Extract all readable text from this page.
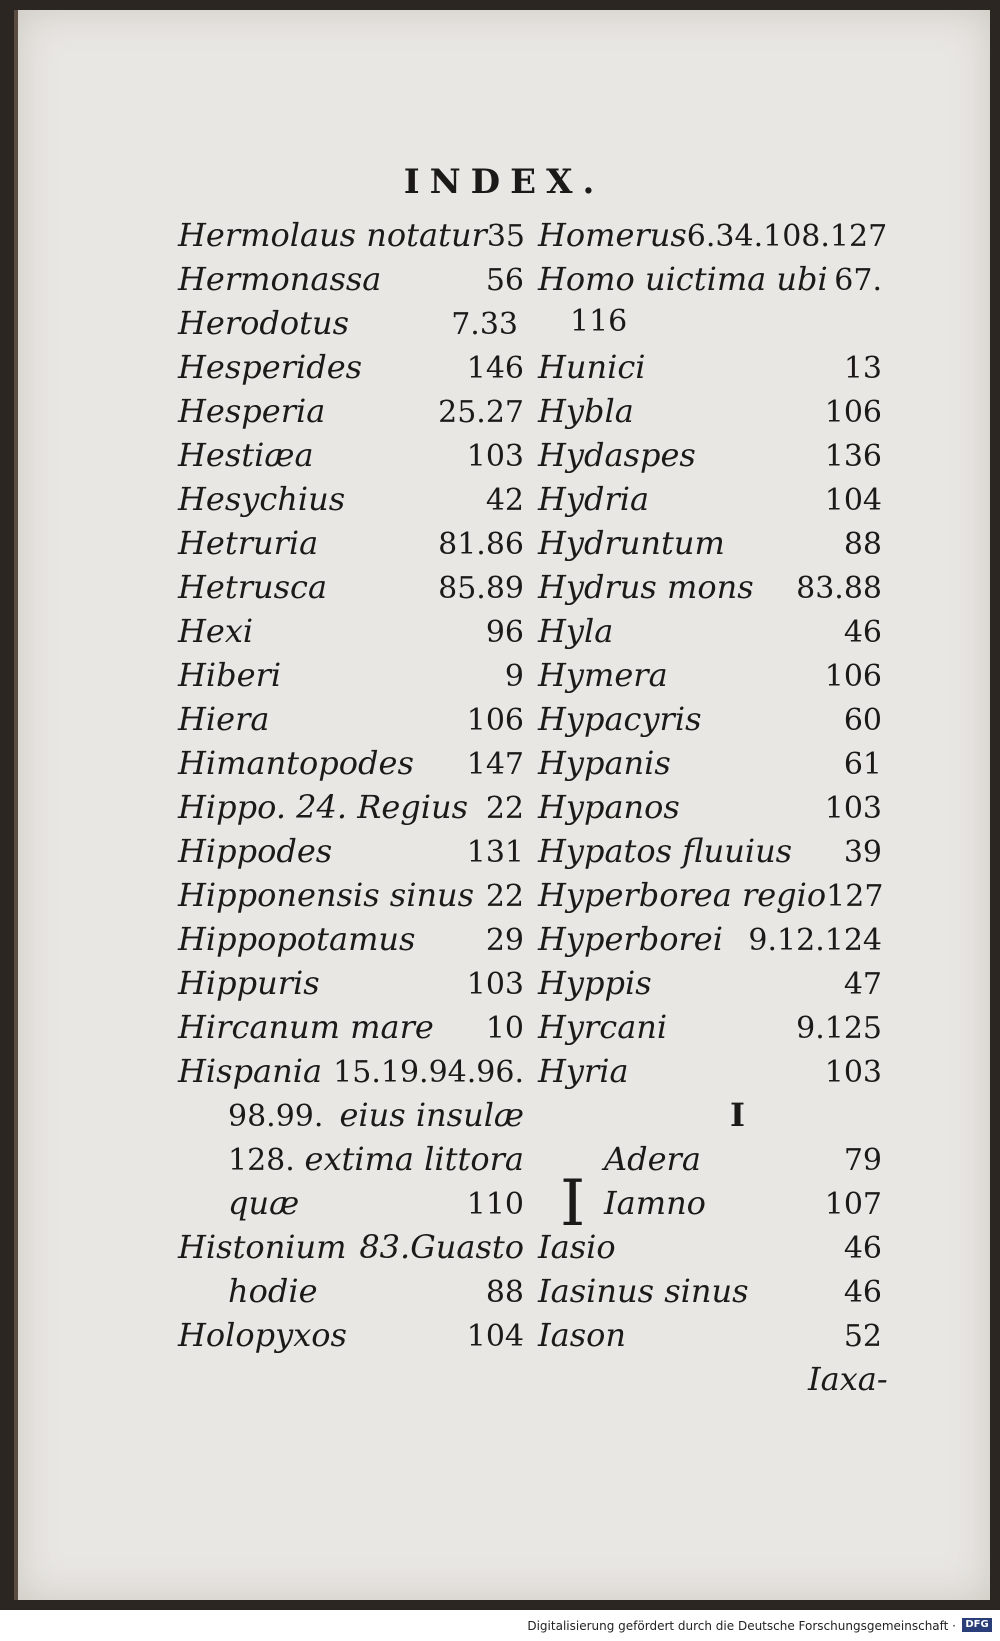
INDEX.
Hermolaus notatur 35
Hermonassa	56
Herodotus	7.33
Hesperides	146
Hesperia	25.27
Hestiæa	103
Hesychius	42
Hetruria	81.86
Hetrusca	85.89
Hexi	96
Hiberi	9
Hiera	106
Himantopodes 147
Hippo. 24. Regius 22
Hippodes	131
Hipponensis sinus 22
Hippopotamus 29
Hippuris	103
Hircanum mare 10
Hispania 15.19.94.96.
98.99. eius insulæ
128. extima littora
quæ	110
Histonium 83.Guasto
hodie	88
Holopyxos	104
Homerus 6.34.108.127
Homo uictima ubi 67.
116
Hunici	13
Hybla	106
Hydaspes	136
Hydria	104
Hydruntum	88
Hydrus mons 83.88
Hyla	46
Hymera	106
Hypacyris	60
Hypanis	61
Hypanos	103
Hypatos fluuius 39
Hyperborea regio 127
Hyperborei 9.12.124
Hyppis	47
Hyrcani	9.125
Hyria	103
I
I
Adera	79
Iamno	107
Iasio	46
Iasinus sinus	46
Iason	52
Iaxa-
Digitalisierung gefördert durch die Deutsche Forschungsgemeinschaft · DFG
